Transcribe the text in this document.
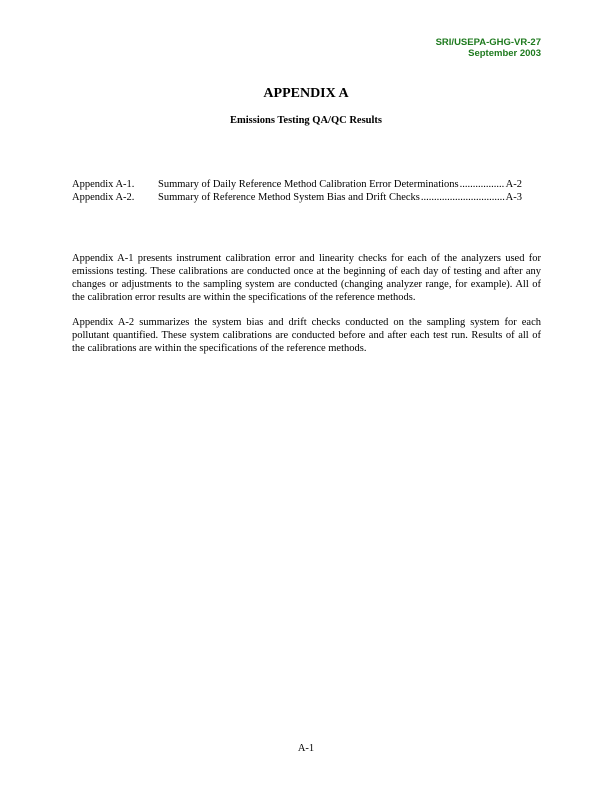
SRI/USEPA-GHG-VR-27
September 2003
APPENDIX A
Emissions Testing QA/QC Results
Appendix A-1.	Summary of Daily Reference Method Calibration Error Determinations .....	A-2
Appendix A-2.	Summary of Reference Method System Bias and Drift Checks .....	A-3

Appendix A-1 presents instrument calibration error and linearity checks for each of the analyzers used for emissions testing. These calibrations are conducted once at the beginning of each day of testing and after any changes or adjustments to the sampling system are conducted (changing analyzer range, for example). All of the calibration error results are within the specifications of the reference methods.

Appendix A-2 summarizes the system bias and drift checks conducted on the sampling system for each pollutant quantified. These system calibrations are conducted before and after each test run. Results of all of the calibrations are within the specifications of the reference methods.

A-1
